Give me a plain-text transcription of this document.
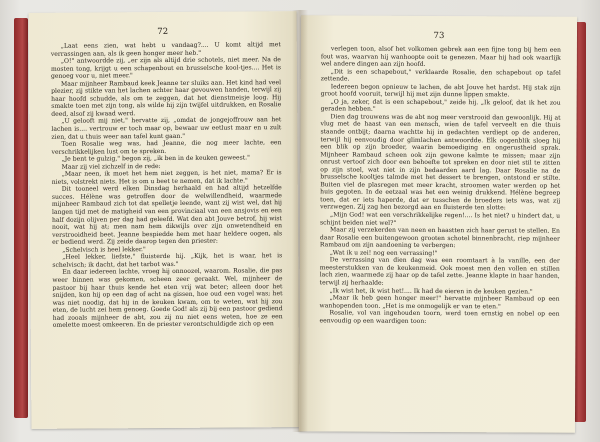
72

„Laat eens zien, wat hebt u vandaag?.... U komt altijd met verrassingen aan, als ik geen honger meer heb."

„O!" antwoordde zij, „er zijn als altijd drie schotels, niet meer. Na de mosten tong, krijgt u een schapenbout en brusselsche kool-tjes.... Het is genoeg voor u, niet meer."

Maar mijnheer Rambaud keek Jeanne ter sluiks aan. Het kind had veel plezier, zij stikte van het lachen achter haar gevouwen handen, terwijl zij haar hoofd schudde, als om te zeggen, dat het dienstmeisje loog. Hij smakte toen met zijn tong, als wilde hij zijn twijfel uitdrukken, en Rosalie deed, alsof zij kwaad werd.

„U gelooft mij niet," hervatte zij, „omdat de jongejoffrouw aan het lachen is.... vertrouw er toch maar op, bewaar uw eetlust maar en u zult zien, dat u thuis weer aan tafel kunt gaan."

Toen Rosalie weg was, had Jeanne, die nog meer lachte, een verschrikkelijken lust om te spreken.

„Je bent te gulzig," begon zij, „ik ben in de keuken geweest."

Maar zij viel zichzelf in de rede:

„Maar neen, ik moet het hem niet zeggen, is het niet, mama? Er is niets, volstrekt niets. Het is om u beet te nemen, dat ik lachte."

Dit tooneel werd elken Dinsdag herhaald en had altijd hetzelfde succes. Hélène was getroffen door de welwillendheid, waarmede mijnheer Rambaud zich tot dat spelletje leende, want zij wist wel, dat hij langen tijd met de matigheid van een provinciaal van een ansjovis en een half dozijn olijven per dag had geleefd. Wat den abt Jouve betrof, hij wist nooit, wat hij at; men nam hem dikwijls over zijn onwetendheid en verstrooidheid beet. Jeanne bespiedde hem met haar heldere oogen, als er bediend werd. Zij zeide daarop tegen den priester:

„Schelvisch is heel lekker."

„Heel lekker, liefste," fluisterde hij. „Kijk, het is waar, het is schelvisch; ik dacht, dat het tarbot was."

En daar iedereen lachte, vroeg hij onnoozel, waarom. Rosalie, die pas weer binnen was gekomen, scheen zeer geraakt. Wel, mijnheer de pastoor bij haar thuis kende het eten vrij wat beter; alleen door het snijden, kon hij op een dag of acht na gissen, hoe oud een vogel was; het was niet noodig, dat hij in de keuken kwam, om te weten, wat hij zou eten, de lucht zei hem genoeg. Goede God! als zij bij een pastoor gediend had zooals mijnheer de abt, zou zij nu niet eens weten, hoe ze een omelette moest omkeeren. En de priester verontschuldigde zich op een

73

verlegen toon, alsof het volkomen gebrek aan een fijne tong bij hem een fout was, waarvan hij wanhoopte ooit te genezen. Maar hij had ook waarlijk wel andere dingen aan zijn hoofd.

„Dit is een schapebout," verklaarde Rosalie, den schapebout op tafel zettende.

Iedereen begon opnieuw te lachen, de abt Jouve het hardst. Hij stak zijn groot hoofd vooruit, terwijl hij met zijn dunne lippen smakte.

„O ja, zeker, dat is een schapebout," zeide hij. „Ik geloof, dat ik het zou geraden hebben."

Dien dag trouwens was de abt nog meer verstrooid dan gewoonlijk. Hij at vlug met de haast van een mensch, wien de tafel verveelt en die thuis staande ontbijt; daarna wachtte hij in gedachten verdiept op de anderen, terwijl hij eenvoudig door glimlachen antwoordde. Elk oogenblik sloeg hij een blik op zijn broeder, waarin bemoediging en ongerustheid sprak. Mijnheer Rambaud scheen ook zijn gewone kalmte te missen; maar zijn onrust vertoof zich door een behoefte tot spreken en door niet stil te zitten op zijn stoel, wat niet in zijn bedaarden aard lag. Daar Rosalie na de brusselsche kooltjes talmde met het dessert te brengen, ontstond er stilte. Buiten viel de plasregen met meer kracht, stroomen water werden op het huis gegoten. In de eetzaal was het een weinig drukkend. Hélène begreep toen, dat er iets haperde, dat er tusschen de broeders iets was, wat zij verzwegen. Zij zag hen bezorgd aan en fluisterde ten slotte:

„Mijn God! wat een verschrikkelijke regen!.... Is het niet? u hindert dat, u schijnt beiden niet wel?"

Maar zij verzekerden van neen en haastten zich haar gerust te stellen. En daar Rosalie een buitengewoon grooten schotel binnenbracht, riep mijnheer Rambaud om zijn aandoening te verbergen:

„Wat ik u zei! nog een verrassing!"

De verrassing van dien dag was een roomtaart à la vanille, een der meesterstukken van de keukenmeid. Ook moest men den vollen en stillen lach zien, waarmede zij haar op de tafel zette. Jeanne klapte in haar handen, terwijl zij herhaalde:

„Ik wist het, ik wist het!.... Ik had de eieren in de keuken gezien."

„Maar ik heb geen honger meer!" hervatte mijnheer Rambaud op een wanhopenden toon. „Het is me onmogelijk er van te eten."

Rosalie, vol van ingehouden toorn, werd toen ernstig en nobel op een eenvoudig op een waardigen toon:
